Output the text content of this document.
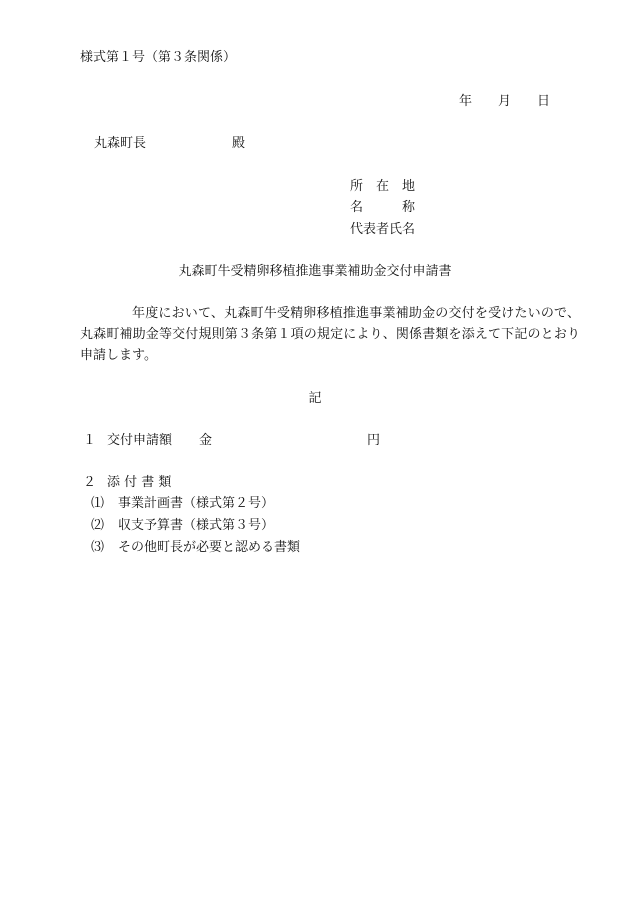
様式第１号（第３条関係）
年 月 日
丸森町長	殿
所　在　地
名　　　称
代表者氏名
丸森町牛受精卵移植推進事業補助金交付申請書
年度において、丸森町牛受精卵移植推進事業補助金の交付を受けたいので、丸森町補助金等交付規則第３条第１項の規定により、関係書類を添えて下記のとおり申請します。
記
１ 交付申請額 金	円
２ 添 付 書 類
⑴ 事業計画書（様式第２号）
⑵ 収支予算書（様式第３号）
⑶ その他町長が必要と認める書類
